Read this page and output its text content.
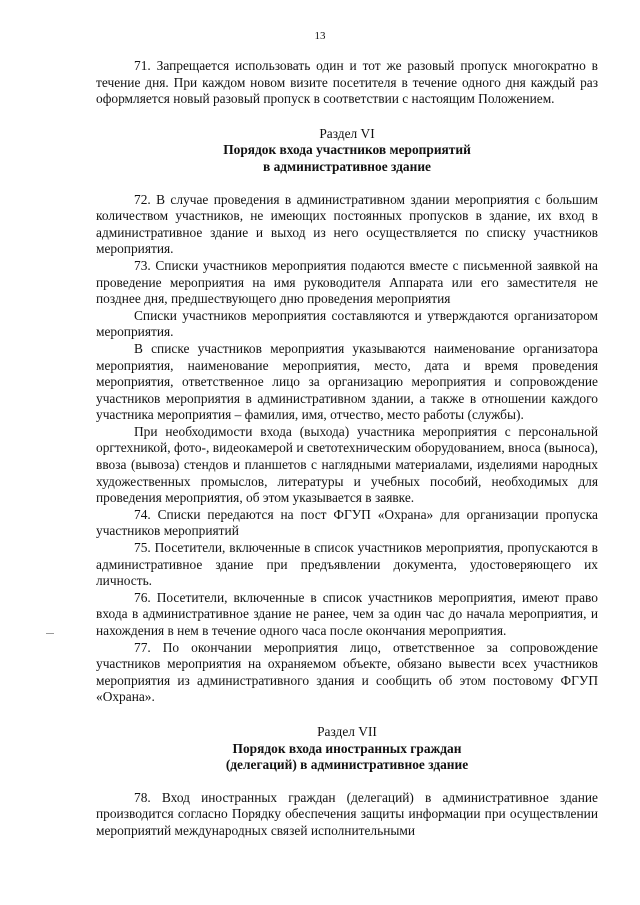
13

71. Запрещается использовать один и тот же разовый пропуск многократно в течение дня. При каждом новом визите посетителя в течение одного дня каждый раз оформляется новый разовый пропуск в соответствии с настоящим Положением.

Раздел VI

Порядок входа участников мероприятий

в административное здание

72. В случае проведения в административном здании мероприятия с большим количеством участников, не имеющих постоянных пропусков в здание, их вход в административное здание и выход из него осуществляется по списку участников мероприятия.

73. Списки участников мероприятия подаются вместе с письменной заявкой на проведение мероприятия на имя руководителя Аппарата или его заместителя не позднее дня, предшествующего дню проведения мероприятия

Списки участников мероприятия составляются и утверждаются организатором мероприятия.

В списке участников мероприятия указываются наименование организатора мероприятия, наименование мероприятия, место, дата и время проведения мероприятия, ответственное лицо за организацию мероприятия и сопровождение участников мероприятия в административном здании, а также в отношении каждого участника мероприятия – фамилия, имя, отчество, место работы (службы).

При необходимости входа (выхода) участника мероприятия с персональной оргтехникой, фото-, видеокамерой и светотехническим оборудованием, вноса (выноса), ввоза (вывоза) стендов и планшетов с наглядными материалами, изделиями народных художественных промыслов, литературы и учебных пособий, необходимых для проведения мероприятия, об этом указывается в заявке.

74. Списки передаются на пост ФГУП «Охрана» для организации пропуска участников мероприятий

75. Посетители, включенные в список участников мероприятия, пропускаются в административное здание при предъявлении документа, удостоверяющего их личность.

76. Посетители, включенные в список участников мероприятия, имеют право входа в административное здание не ранее, чем за один час до начала мероприятия, и нахождения в нем в течение одного часа после окончания мероприятия.

77. По окончании мероприятия лицо, ответственное за сопровождение участников мероприятия на охраняемом объекте, обязано вывести всех участников мероприятия из административного здания и сообщить об этом постовому ФГУП «Охрана».

Раздел VII

Порядок входа иностранных граждан

(делегаций) в административное здание

78. Вход иностранных граждан (делегаций) в административное здание производится согласно Порядку обеспечения защиты информации при осуществлении мероприятий международных связей исполнительными
